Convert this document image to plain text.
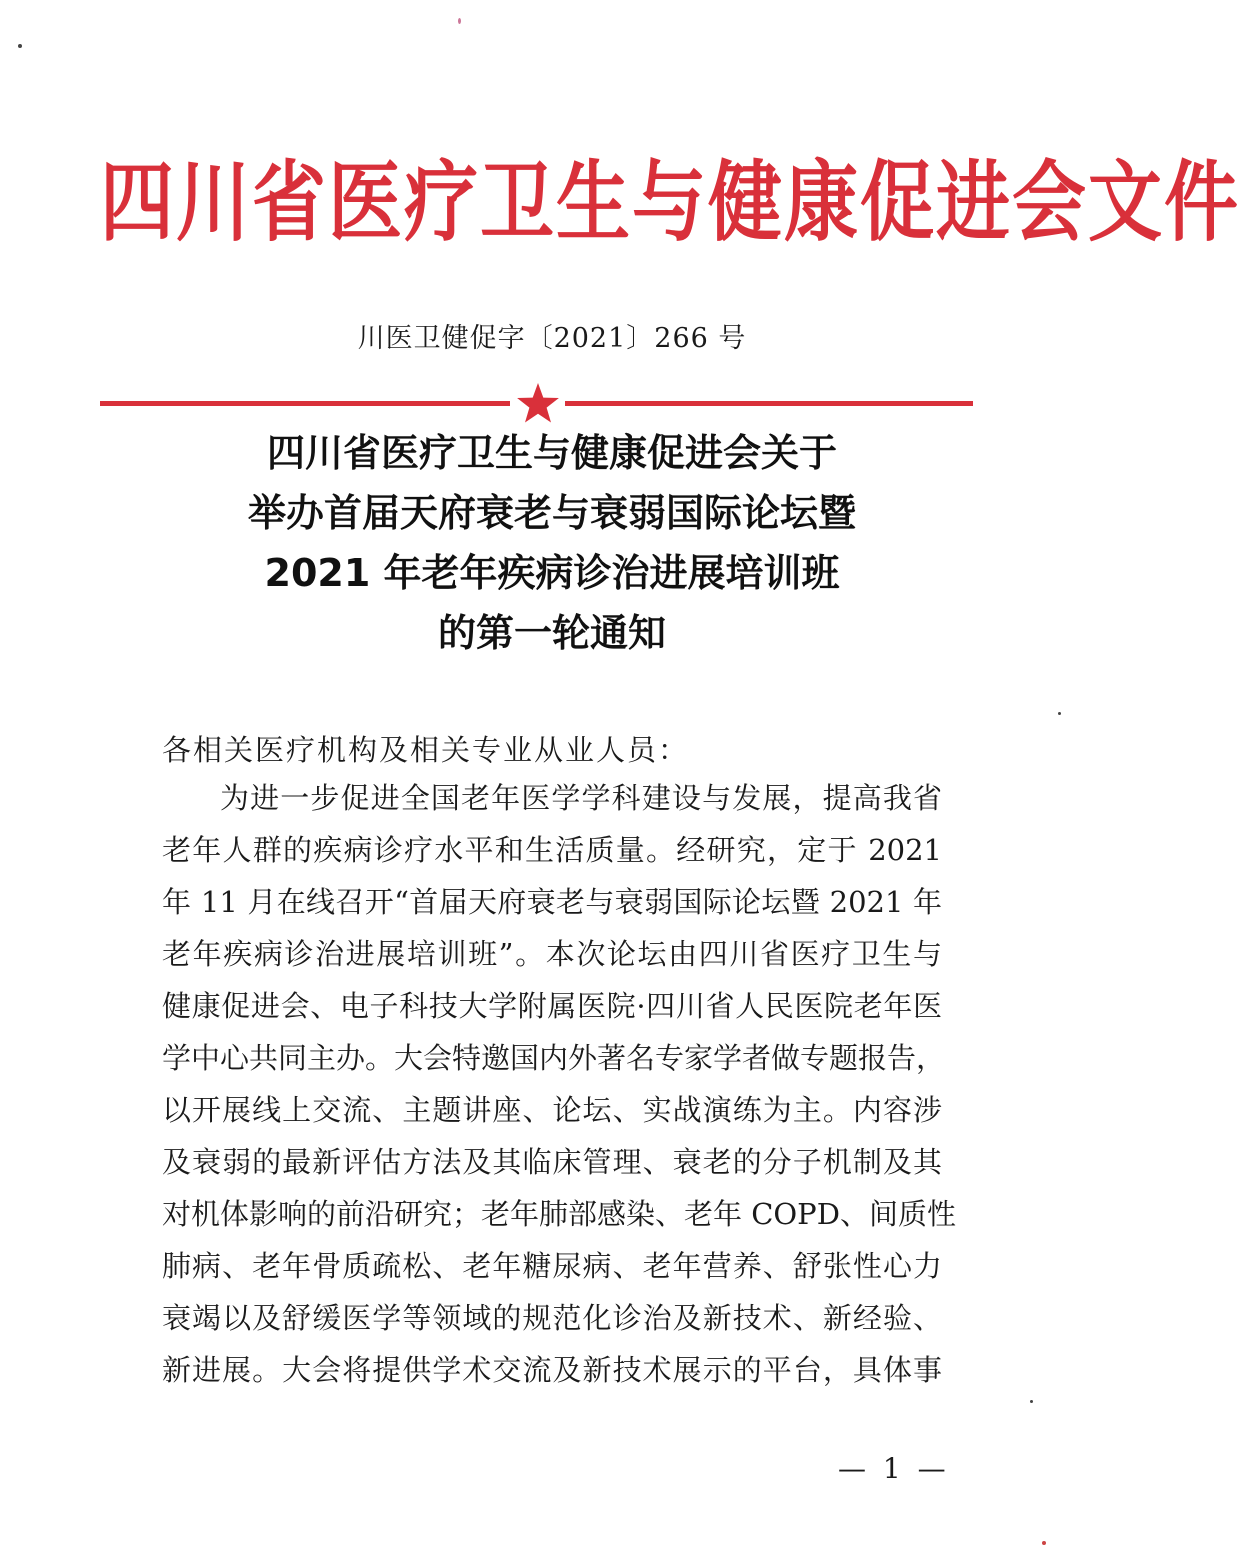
四川省医疗卫生与健康促进会文件
川医卫健促字〔2021〕266 号
四川省医疗卫生与健康促进会关于
举办首届天府衰老与衰弱国际论坛暨
2021 年老年疾病诊治进展培训班
的第一轮通知
各相关医疗机构及相关专业从业人员：
为进一步促进全国老年医学学科建设与发展，提高我省
老年人群的疾病诊疗水平和生活质量。经研究，定于 2021
年 11 月在线召开“首届天府衰老与衰弱国际论坛暨 2021 年
老年疾病诊治进展培训班”。本次论坛由四川省医疗卫生与
健康促进会、电子科技大学附属医院·四川省人民医院老年医
学中心共同主办。大会特邀国内外著名专家学者做专题报告，
以开展线上交流、主题讲座、论坛、实战演练为主。内容涉
及衰弱的最新评估方法及其临床管理、衰老的分子机制及其
对机体影响的前沿研究；老年肺部感染、老年 COPD、间质性
肺病、老年骨质疏松、老年糖尿病、老年营养、舒张性心力
衰竭以及舒缓医学等领域的规范化诊治及新技术、新经验、
新进展。大会将提供学术交流及新技术展示的平台，具体事
— 1 —
